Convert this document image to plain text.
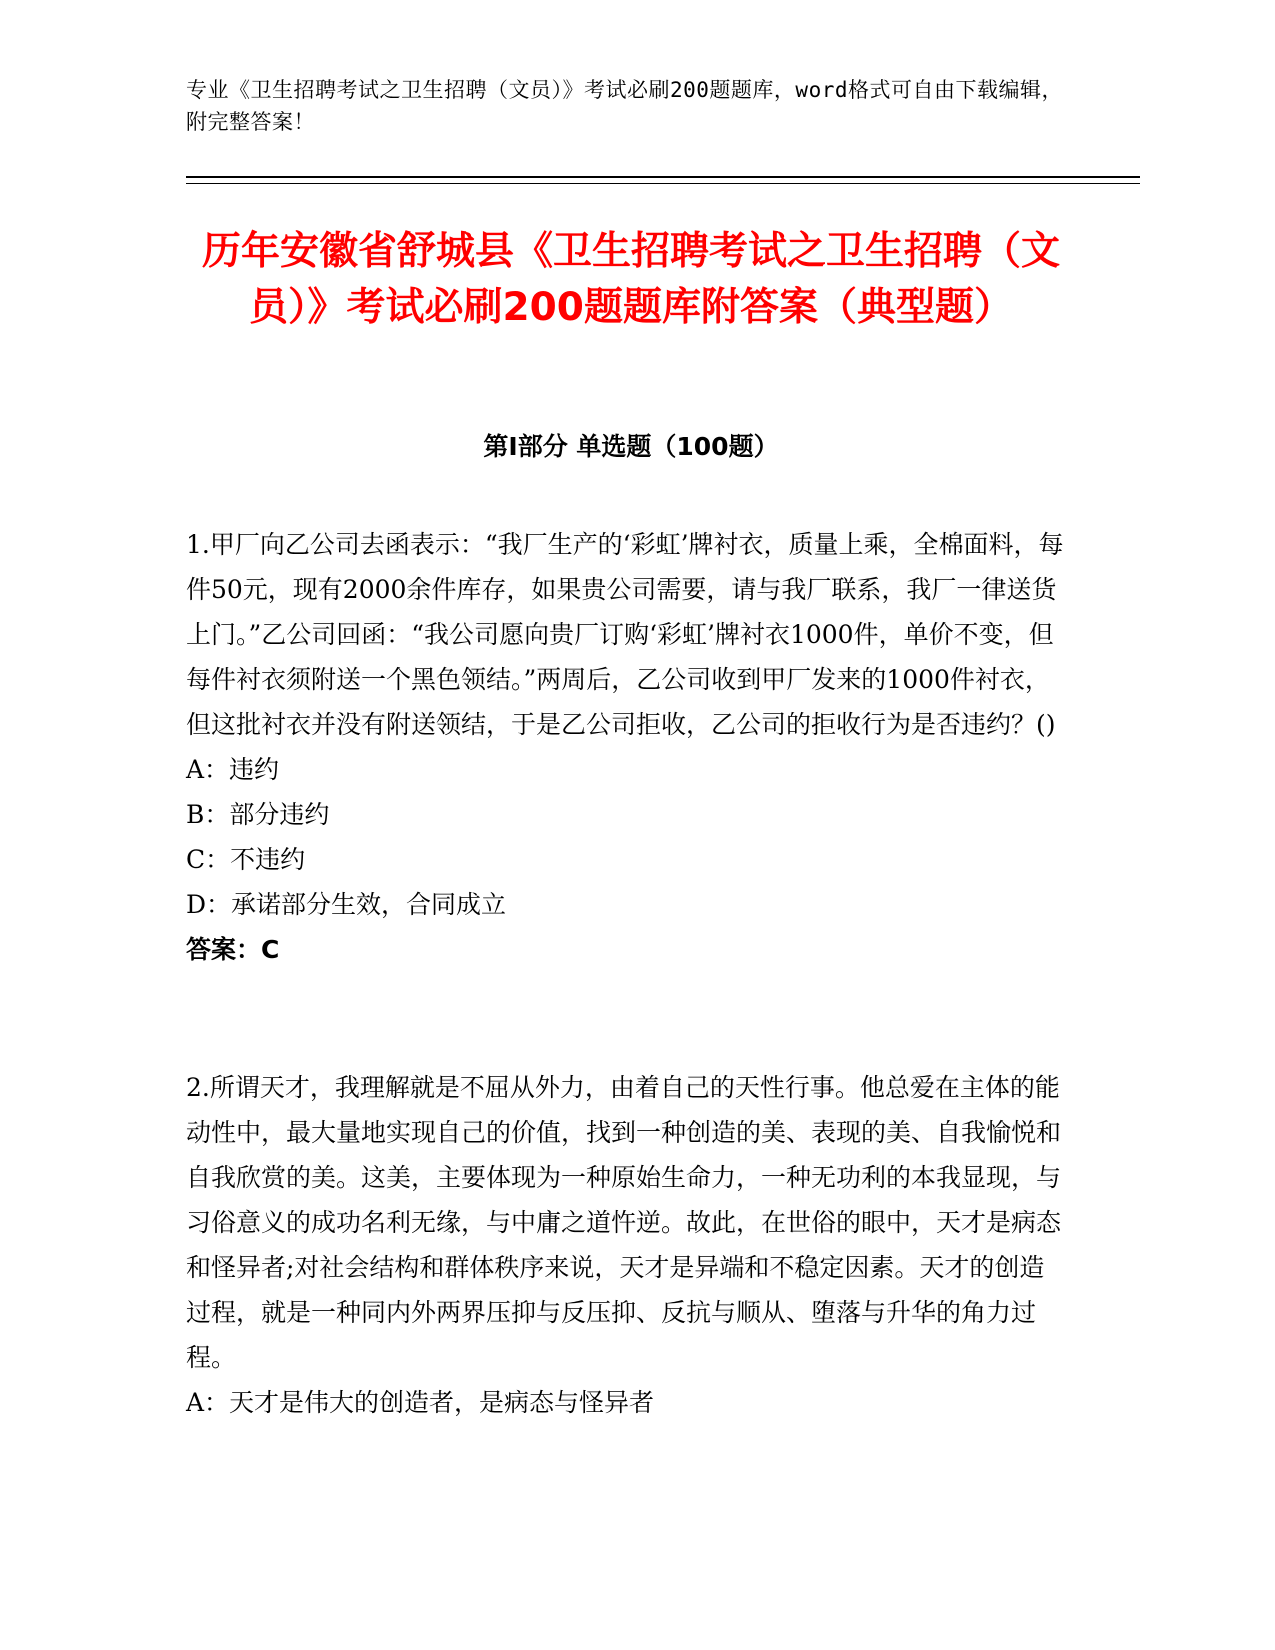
专业《卫生招聘考试之卫生招聘（文员）》考试必刷200题题库，word格式可自由下载编辑，附完整答案！
历年安徽省舒城县《卫生招聘考试之卫生招聘（文员）》考试必刷200题题库附答案（典型题）
第Ⅰ部分 单选题（100题）

1.甲厂向乙公司去函表示：“我厂生产的‘彩虹’牌衬衣，质量上乘，全棉面料，每件50元，现有2000余件库存，如果贵公司需要，请与我厂联系，我厂一律送货上门。”乙公司回函：“我公司愿向贵厂订购‘彩虹’牌衬衣1000件，单价不变，但每件衬衣须附送一个黑色领结。”两周后，乙公司收到甲厂发来的1000件衬衣，但这批衬衣并没有附送领结，于是乙公司拒收，乙公司的拒收行为是否违约？()

A：违约

B：部分违约

C：不违约

D：承诺部分生效，合同成立

答案：C

2.所谓天才，我理解就是不屈从外力，由着自己的天性行事。他总爱在主体的能动性中，最大量地实现自己的价值，找到一种创造的美、表现的美、自我愉悦和自我欣赏的美。这美，主要体现为一种原始生命力，一种无功利的本我显现，与习俗意义的成功名利无缘，与中庸之道忤逆。故此，在世俗的眼中，天才是病态和怪异者;对社会结构和群体秩序来说，天才是异端和不稳定因素。天才的创造过程，就是一种同内外两界压抑与反压抑、反抗与顺从、堕落与升华的角力过程。

A：天才是伟大的创造者，是病态与怪异者
